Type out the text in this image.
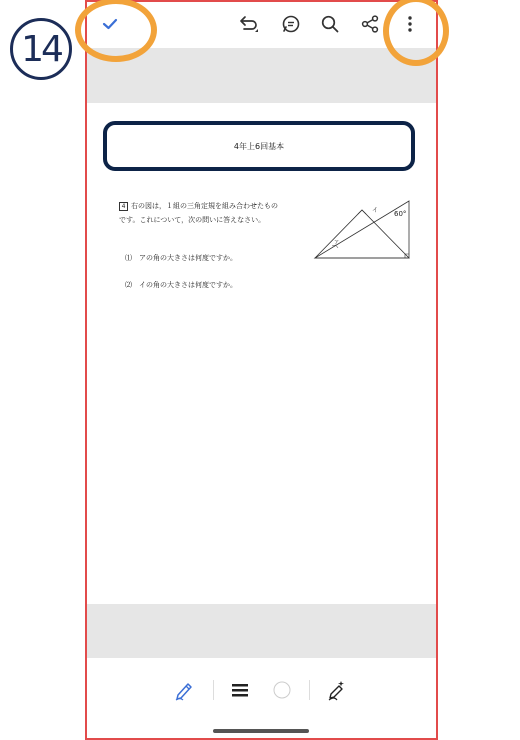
14
4年上6回基本
4 右の図は，１組の三角定規を組み合わせたものです。これについて，次の問いに答えなさい。
⑴　アの角の大きさは何度ですか。
⑵　イの角の大きさは何度ですか。
60°
イ
ア
